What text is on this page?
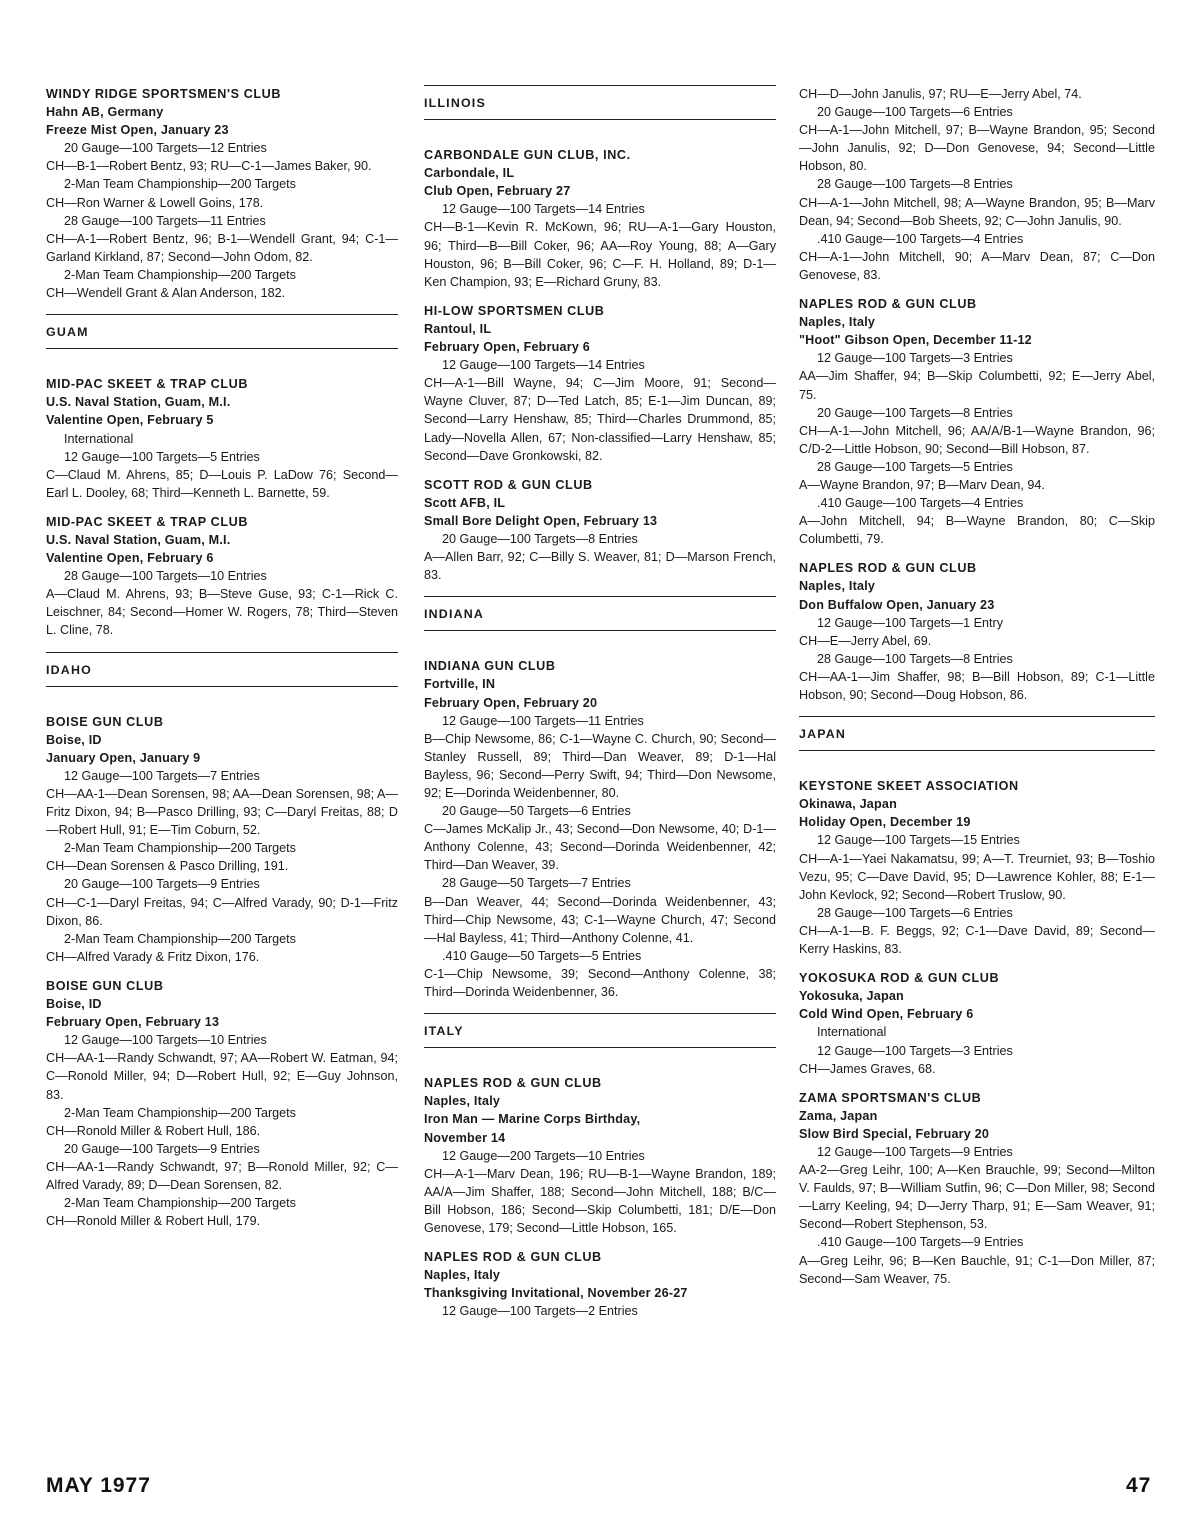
WINDY RIDGE SPORTSMEN'S CLUB
Hahn AB, Germany
Freeze Mist Open, January 23
20 Gauge—100 Targets—12 Entries
CH—B-1—Robert Bentz, 93; RU—C-1—James Baker, 90.
2-Man Team Championship—200 Targets
CH—Ron Warner & Lowell Goins, 178.
28 Gauge—100 Targets—11 Entries
CH—A-1—Robert Bentz, 96; B-1—Wendell Grant, 94; C-1—Garland Kirkland, 87; Second—John Odom, 82.
2-Man Team Championship—200 Targets
CH—Wendell Grant & Alan Anderson, 182.
GUAM
MID-PAC SKEET & TRAP CLUB
U.S. Naval Station, Guam, M.I.
Valentine Open, February 5
International
12 Gauge—100 Targets—5 Entries
C—Claud M. Ahrens, 85; D—Louis P. LaDow 76; Second—Earl L. Dooley, 68; Third—Kenneth L. Barnette, 59.
MID-PAC SKEET & TRAP CLUB
U.S. Naval Station, Guam, M.I.
Valentine Open, February 6
28 Gauge—100 Targets—10 Entries
A—Claud M. Ahrens, 93; B—Steve Guse, 93; C-1—Rick C. Leischner, 84; Second—Homer W. Rogers, 78; Third—Steven L. Cline, 78.
IDAHO
BOISE GUN CLUB
Boise, ID
January Open, January 9
12 Gauge—100 Targets—7 Entries
CH—AA-1—Dean Sorensen, 98; AA—Dean Sorensen, 98; A—Fritz Dixon, 94; B—Pasco Drilling, 93; C—Daryl Freitas, 88; D—Robert Hull, 91; E—Tim Coburn, 52.
2-Man Team Championship—200 Targets
CH—Dean Sorensen & Pasco Drilling, 191.
20 Gauge—100 Targets—9 Entries
CH—C-1—Daryl Freitas, 94; C—Alfred Varady, 90; D-1—Fritz Dixon, 86.
2-Man Team Championship—200 Targets
CH—Alfred Varady & Fritz Dixon, 176.
BOISE GUN CLUB
Boise, ID
February Open, February 13
12 Gauge—100 Targets—10 Entries
CH—AA-1—Randy Schwandt, 97; AA—Robert W. Eatman, 94; C—Ronold Miller, 94; D—Robert Hull, 92; E—Guy Johnson, 83.
2-Man Team Championship—200 Targets
CH—Ronold Miller & Robert Hull, 186.
20 Gauge—100 Targets—9 Entries
CH—AA-1—Randy Schwandt, 97; B—Ronold Miller, 92; C—Alfred Varady, 89; D—Dean Sorensen, 82.
2-Man Team Championship—200 Targets
CH—Ronold Miller & Robert Hull, 179.
ILLINOIS
CARBONDALE GUN CLUB, INC.
Carbondale, IL
Club Open, February 27
12 Gauge—100 Targets—14 Entries
CH—B-1—Kevin R. McKown, 96; RU—A-1—Gary Houston, 96; Third—B—Bill Coker, 96; AA—Roy Young, 88; A—Gary Houston, 96; B—Bill Coker, 96; C—F. H. Holland, 89; D-1—Ken Champion, 93; E—Richard Gruny, 83.
HI-LOW SPORTSMEN CLUB
Rantoul, IL
February Open, February 6
12 Gauge—100 Targets—14 Entries
CH—A-1—Bill Wayne, 94; C—Jim Moore, 91; Second—Wayne Cluver, 87; D—Ted Latch, 85; E-1—Jim Duncan, 89; Second—Larry Henshaw, 85; Third—Charles Drummond, 85; Lady—Novella Allen, 67; Non-classified—Larry Henshaw, 85; Second—Dave Gronkowski, 82.
SCOTT ROD & GUN CLUB
Scott AFB, IL
Small Bore Delight Open, February 13
20 Gauge—100 Targets—8 Entries
A—Allen Barr, 92; C—Billy S. Weaver, 81; D—Marson French, 83.
INDIANA
INDIANA GUN CLUB
Fortville, IN
February Open, February 20
12 Gauge—100 Targets—11 Entries
B—Chip Newsome, 86; C-1—Wayne C. Church, 90; Second—Stanley Russell, 89; Third—Dan Weaver, 89; D-1—Hal Bayless, 96; Second—Perry Swift, 94; Third—Don Newsome, 92; E—Dorinda Weidenbenner, 80.
20 Gauge—50 Targets—6 Entries
C—James McKalip Jr., 43; Second—Don Newsome, 40; D-1—Anthony Colenne, 43; Second—Dorinda Weidenbenner, 42; Third—Dan Weaver, 39.
28 Gauge—50 Targets—7 Entries
B—Dan Weaver, 44; Second—Dorinda Weidenbenner, 43; Third—Chip Newsome, 43; C-1—Wayne Church, 47; Second—Hal Bayless, 41; Third—Anthony Colenne, 41.
.410 Gauge—50 Targets—5 Entries
C-1—Chip Newsome, 39; Second—Anthony Colenne, 38; Third—Dorinda Weidenbenner, 36.
ITALY
NAPLES ROD & GUN CLUB
Naples, Italy
Iron Man — Marine Corps Birthday,
November 14
12 Gauge—200 Targets—10 Entries
CH—A-1—Marv Dean, 196; RU—B-1—Wayne Brandon, 189; AA/A—Jim Shaffer, 188; Second—John Mitchell, 188; B/C—Bill Hobson, 186; Second—Skip Columbetti, 181; D/E—Don Genovese, 179; Second—Little Hobson, 165.
NAPLES ROD & GUN CLUB
Naples, Italy
Thanksgiving Invitational, November 26-27
12 Gauge—100 Targets—2 Entries
CH—D—John Janulis, 97; RU—E—Jerry Abel, 74.
20 Gauge—100 Targets—6 Entries
CH—A-1—John Mitchell, 97; B—Wayne Brandon, 95; Second—John Janulis, 92; D—Don Genovese, 94; Second—Little Hobson, 80.
28 Gauge—100 Targets—8 Entries
CH—A-1—John Mitchell, 98; A—Wayne Brandon, 95; B—Marv Dean, 94; Second—Bob Sheets, 92; C—John Janulis, 90.
.410 Gauge—100 Targets—4 Entries
CH—A-1—John Mitchell, 90; A—Marv Dean, 87; C—Don Genovese, 83.
NAPLES ROD & GUN CLUB
Naples, Italy
"Hoot" Gibson Open, December 11-12
12 Gauge—100 Targets—3 Entries
AA—Jim Shaffer, 94; B—Skip Columbetti, 92; E—Jerry Abel, 75.
20 Gauge—100 Targets—8 Entries
CH—A-1—John Mitchell, 96; AA/A/B-1—Wayne Brandon, 96; C/D-2—Little Hobson, 90; Second—Bill Hobson, 87.
28 Gauge—100 Targets—5 Entries
A—Wayne Brandon, 97; B—Marv Dean, 94.
.410 Gauge—100 Targets—4 Entries
A—John Mitchell, 94; B—Wayne Brandon, 80; C—Skip Columbetti, 79.
NAPLES ROD & GUN CLUB
Naples, Italy
Don Buffalow Open, January 23
12 Gauge—100 Targets—1 Entry
CH—E—Jerry Abel, 69.
28 Gauge—100 Targets—8 Entries
CH—AA-1—Jim Shaffer, 98; B—Bill Hobson, 89; C-1—Little Hobson, 90; Second—Doug Hobson, 86.
JAPAN
KEYSTONE SKEET ASSOCIATION
Okinawa, Japan
Holiday Open, December 19
12 Gauge—100 Targets—15 Entries
CH—A-1—Yaei Nakamatsu, 99; A—T. Treurniet, 93; B—Toshio Vezu, 95; C—Dave David, 95; D—Lawrence Kohler, 88; E-1—John Kevlock, 92; Second—Robert Truslow, 90.
28 Gauge—100 Targets—6 Entries
CH—A-1—B. F. Beggs, 92; C-1—Dave David, 89; Second—Kerry Haskins, 83.
YOKOSUKA ROD & GUN CLUB
Yokosuka, Japan
Cold Wind Open, February 6
International
12 Gauge—100 Targets—3 Entries
CH—James Graves, 68.
ZAMA SPORTSMAN'S CLUB
Zama, Japan
Slow Bird Special, February 20
12 Gauge—100 Targets—9 Entries
AA-2—Greg Leihr, 100; A—Ken Brauchle, 99; Second—Milton V. Faulds, 97; B—William Sutfin, 96; C—Don Miller, 98; Second—Larry Keeling, 94; D—Jerry Tharp, 91; E—Sam Weaver, 91; Second—Robert Stephenson, 53.
.410 Gauge—100 Targets—9 Entries
A—Greg Leihr, 96; B—Ken Bauchle, 91; C-1—Don Miller, 87; Second—Sam Weaver, 75.
MAY 1977	47
